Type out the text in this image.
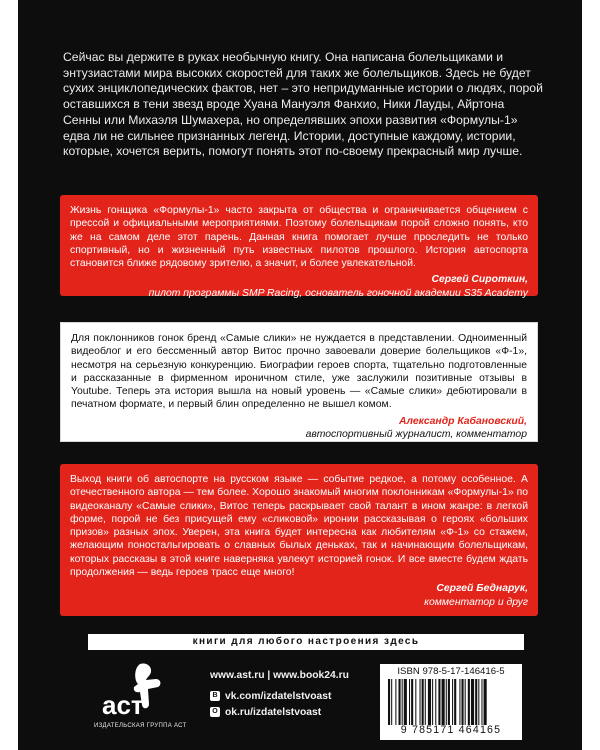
Сейчас вы держите в руках необычную книгу. Она написана болельщиками и энтузиастами мира высоких скоростей для таких же болельщиков. Здесь не будет сухих энциклопедических фактов, нет – это непридуманные истории о людях, порой оставшихся в тени звезд вроде Хуана Мануэля Фанхио, Ники Лауды, Айртона Сенны или Михаэля Шумахера, но определявших эпохи развития «Формулы-1» едва ли не сильнее признанных легенд. Истории, доступные каждому, истории, которые, хочется верить, помогут понять этот по-своему прекрасный мир лучше.

Жизнь гонщика «Формулы-1» часто закрыта от общества и ограничивается общением с прессой и официальными мероприятиями. Поэтому болельщикам порой сложно понять, кто же на самом деле этот парень. Данная книга помогает лучше проследить не только спортивный, но и жизненный путь известных пилотов прошлого. История автоспорта становится ближе рядовому зрителю, а значит, и более увлекательной.

Сергей Сироткин,
пилот программы SMP Racing, основатель гоночной академии S35 Academy

Для поклонников гонок бренд «Самые слики» не нуждается в представлении. Одноименный видеоблог и его бессменный автор Витос прочно завоевали доверие болельщиков «Ф-1», несмотря на серьезную конкуренцию. Биографии героев спорта, тщательно подготовленные и рассказанные в фирменном ироничном стиле, уже заслужили позитивные отзывы в Youtube. Теперь эта история вышла на новый уровень — «Самые слики» дебютировали в печатном формате, и первый блин определенно не вышел комом.

Александр Кабановский,
автоспортивный журналист, комментатор

Выход книги об автоспорте на русском языке — событие редкое, а потому особенное. А отечественного автора — тем более. Хорошо знакомый многим поклонникам «Формулы-1» по видеоканалу «Самые слики», Витос теперь раскрывает свой талант в ином жанре: в легкой форме, порой не без присущей ему «сликовой» иронии рассказывая о героях «больших призов» разных эпох. Уверен, эта книга будет интересна как любителям «Ф-1» со стажем, желающим поностальгировать о славных былых деньках, так и начинающим болельщикам, которых рассказы в этой книге наверняка увлекут историей гонок. И все вместе будем ждать продолжения — ведь героев трасс еще много!

Сергей Беднарук,
комментатор и друг
книги для любого настроения здесь
аст
ИЗДАТЕЛЬСКАЯ ГРУППА АСТ
www.ast.ru | www.book24.ru
B vk.com/izdatelstvoast
O ok.ru/izdatelstvoast
ISBN 978-5-17-146416-5
9 785171 464165
